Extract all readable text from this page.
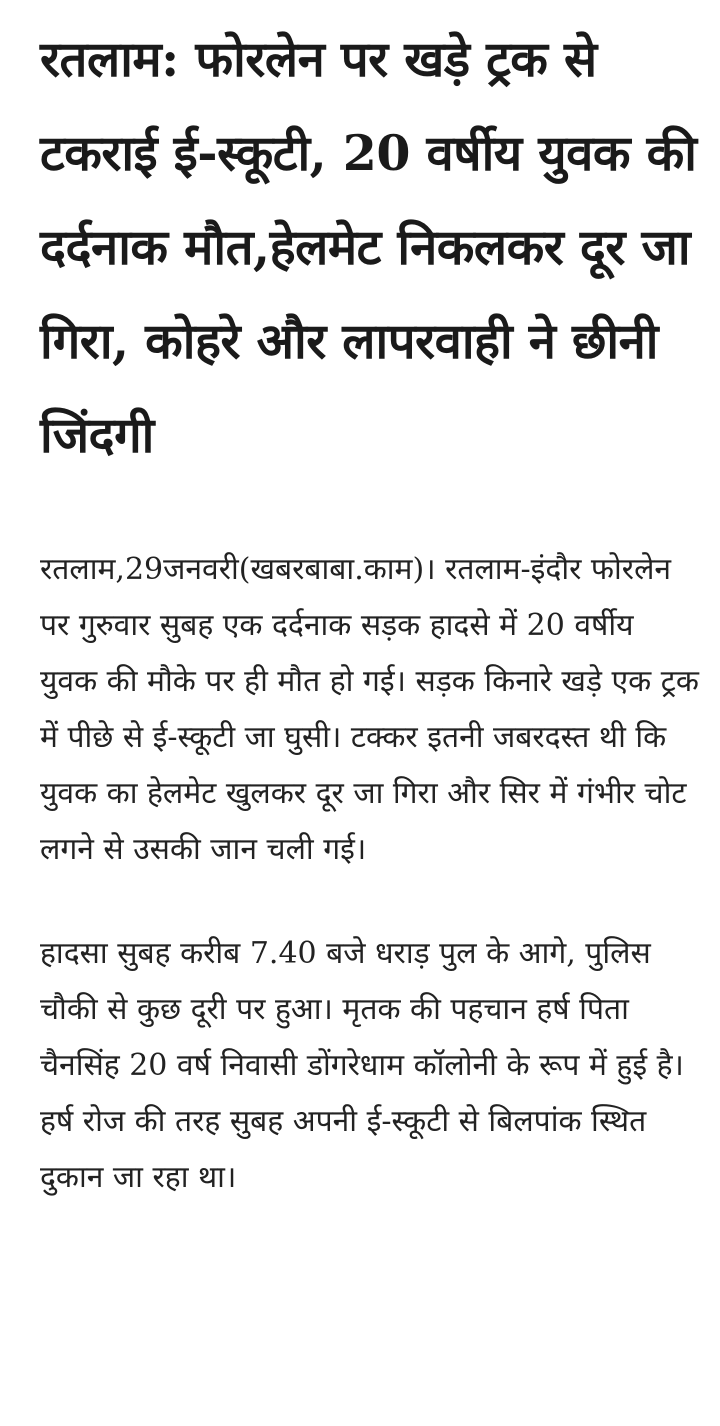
रतलाम: फोरलेन पर खड़े ट्रक से टकराई ई-स्कूटी, 20 वर्षीय युवक की दर्दनाक मौत,हेलमेट निकलकर दूर जा गिरा, कोहरे और लापरवाही ने छीनी जिंदगी

रतलाम,29जनवरी(खबरबाबा.काम)। रतलाम-इंदौर फोरलेन पर गुरुवार सुबह एक दर्दनाक सड़क हादसे में 20 वर्षीय युवक की मौके पर ही मौत हो गई। सड़क किनारे खड़े एक ट्रक में पीछे से ई-स्कूटी जा घुसी। टक्कर इतनी जबरदस्त थी कि युवक का हेलमेट खुलकर दूर जा गिरा और सिर में गंभीर चोट लगने से उसकी जान चली गई।

हादसा सुबह करीब 7.40 बजे धराड़ पुल के आगे, पुलिस चौकी से कुछ दूरी पर हुआ। मृतक की पहचान हर्ष पिता चैनसिंह 20 वर्ष निवासी डोंगरेधाम कॉलोनी के रूप में हुई है। हर्ष रोज की तरह सुबह अपनी ई-स्कूटी से बिलपांक स्थित दुकान जा रहा था।
